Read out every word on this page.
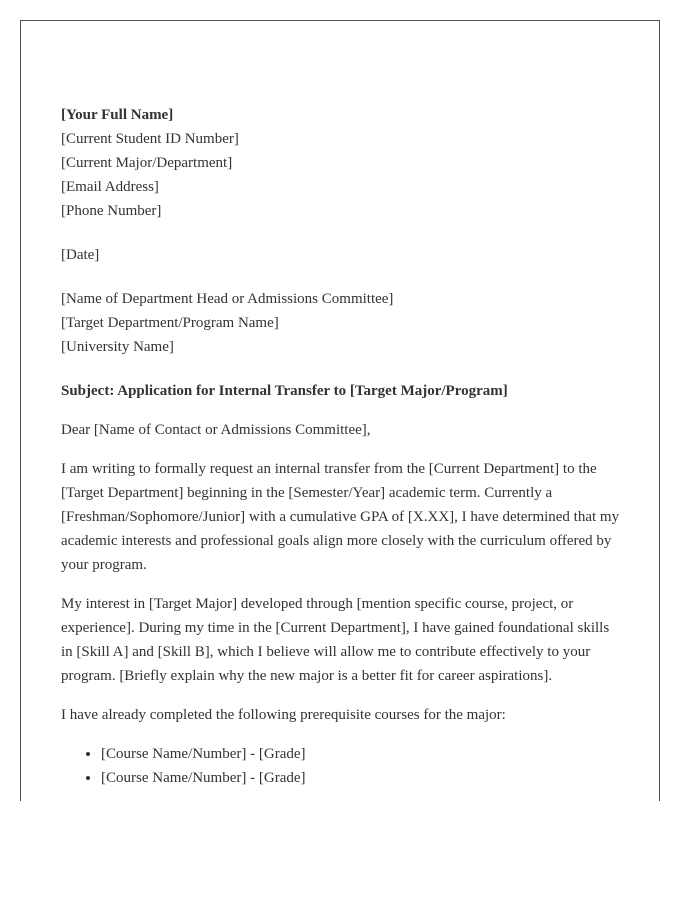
[Your Full Name]
[Current Student ID Number]
[Current Major/Department]
[Email Address]
[Phone Number]
[Date]
[Name of Department Head or Admissions Committee]
[Target Department/Program Name]
[University Name]
Subject: Application for Internal Transfer to [Target Major/Program]
Dear [Name of Contact or Admissions Committee],

I am writing to formally request an internal transfer from the [Current Department] to the [Target Department] beginning in the [Semester/Year] academic term. Currently a [Freshman/Sophomore/Junior] with a cumulative GPA of [X.XX], I have determined that my academic interests and professional goals align more closely with the curriculum offered by your program.

My interest in [Target Major] developed through [mention specific course, project, or experience]. During my time in the [Current Department], I have gained foundational skills in [Skill A] and [Skill B], which I believe will allow me to contribute effectively to your program. [Briefly explain why the new major is a better fit for career aspirations].

I have already completed the following prerequisite courses for the major:
• [Course Name/Number] - [Grade]
• [Course Name/Number] - [Grade]
